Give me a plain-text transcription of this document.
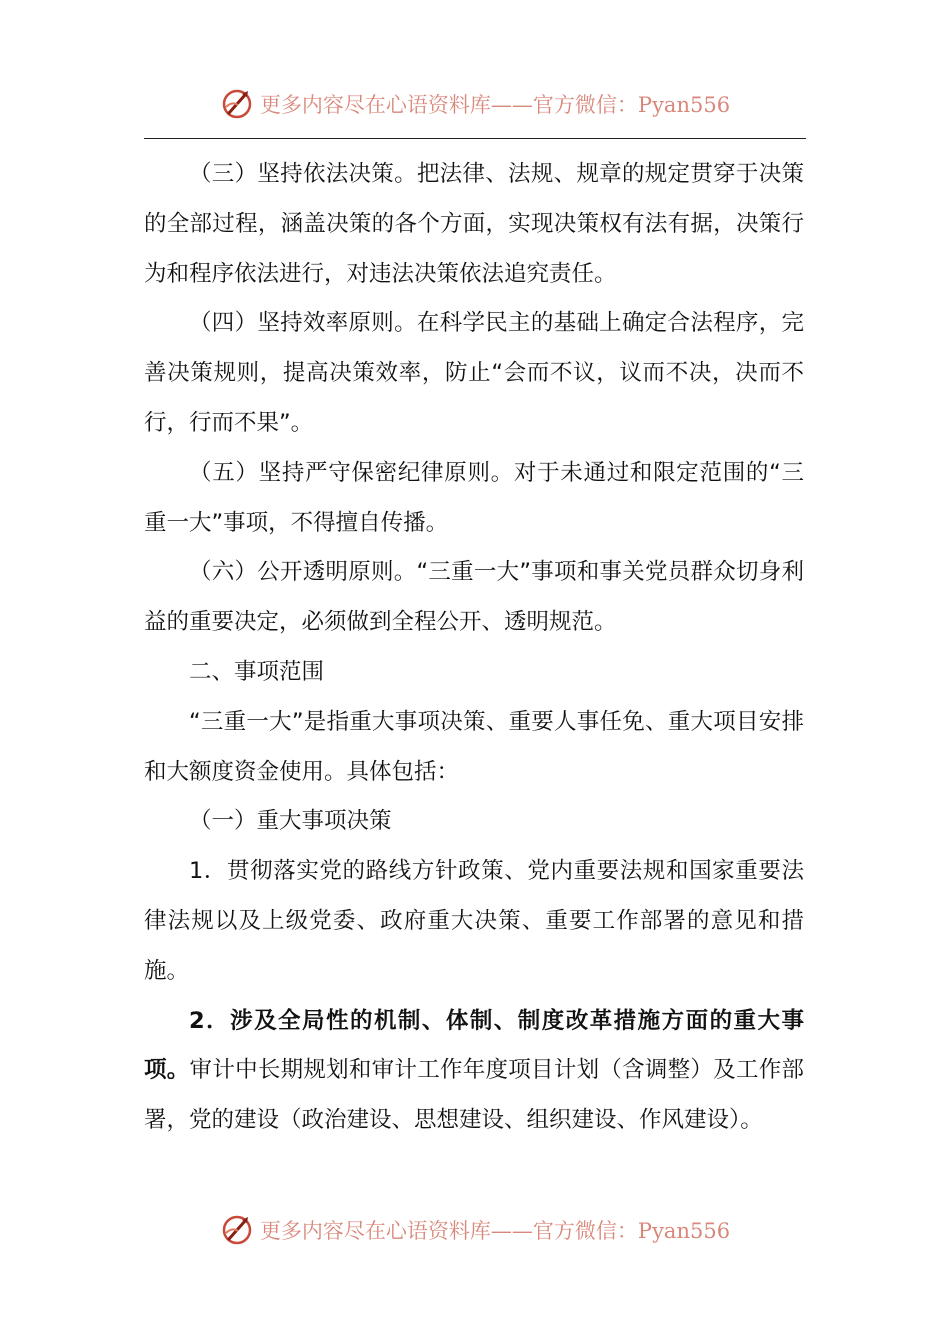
更多内容尽在心语资料库——官方微信：Pyan556

（三）坚持依法决策。把法律、法规、规章的规定贯穿于决策的全部过程，涵盖决策的各个方面，实现决策权有法有据，决策行为和程序依法进行，对违法决策依法追究责任。

（四）坚持效率原则。在科学民主的基础上确定合法程序，完善决策规则，提高决策效率，防止“会而不议，议而不决，决而不行，行而不果”。

（五）坚持严守保密纪律原则。对于未通过和限定范围的“三重一大”事项，不得擅自传播。

（六）公开透明原则。“三重一大”事项和事关党员群众切身利益的重要决定，必须做到全程公开、透明规范。

二、事项范围

“三重一大”是指重大事项决策、重要人事任免、重大项目安排和大额度资金使用。具体包括：

（一）重大事项决策

1．贯彻落实党的路线方针政策、党内重要法规和国家重要法律法规以及上级党委、政府重大决策、重要工作部署的意见和措施。

2．涉及全局性的机制、体制、制度改革措施方面的重大事项。审计中长期规划和审计工作年度项目计划（含调整）及工作部署，党的建设（政治建设、思想建设、组织建设、作风建设）。

更多内容尽在心语资料库——官方微信：Pyan556
